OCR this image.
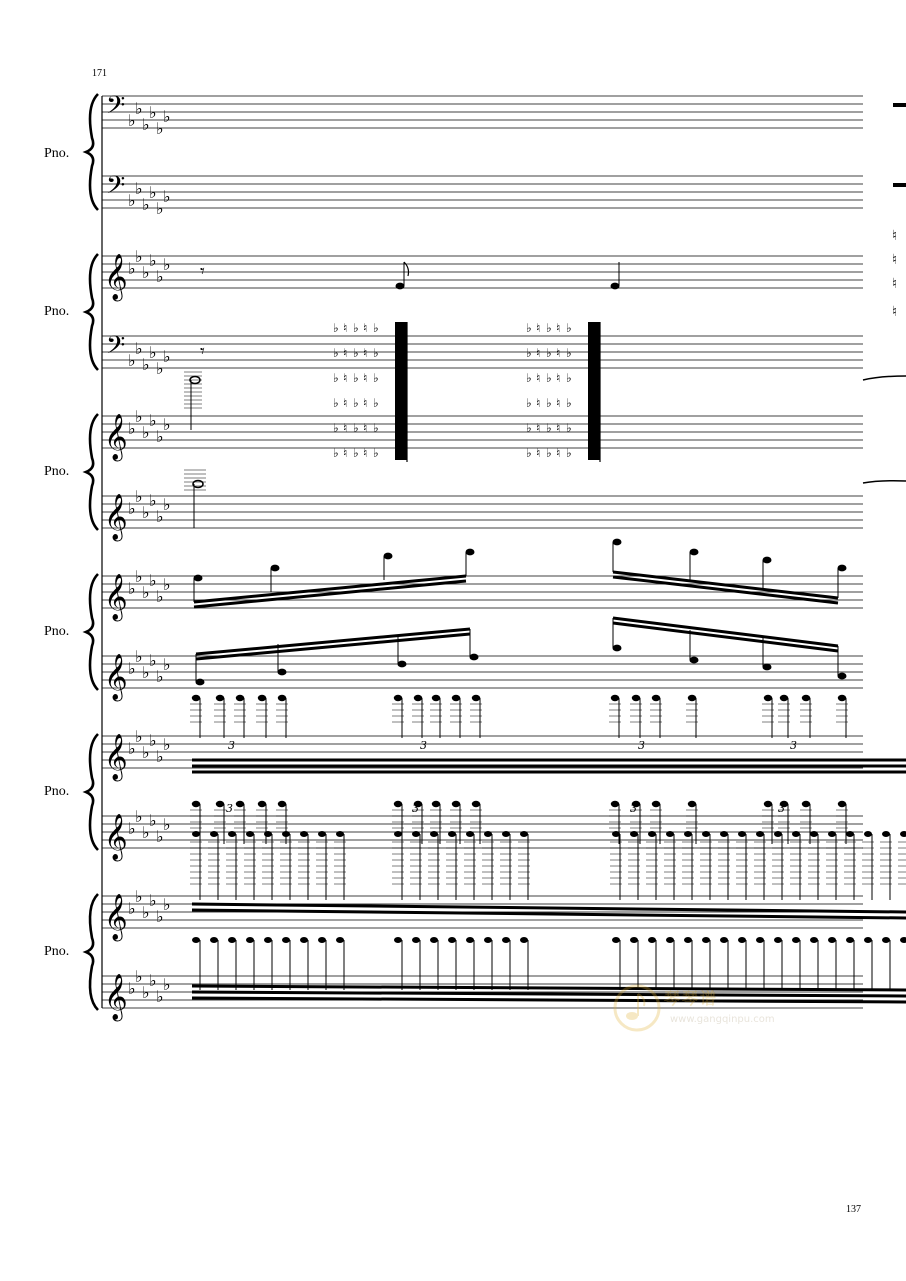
171
137
Pno.
Pno.
Pno.
Pno.
Pno.
Pno.
𝄢 ♭
♭
♭
♭
♭
♭
𝄢 ♭
♭
♭
♭
♭
♭
𝄞 ♭
♭
♭
♭
♭
♭
𝄢 ♭
♭
♭
♭
♭
♭
𝄞 ♭
♭
♭
♭
♭
♭
𝄞 ♭
♭
♭
♭
♭
♭
𝄞 ♭
♭
♭
♭
♭
♭
𝄞 ♭
♭
♭
♭
♭
♭
𝄞 ♭
♭
♭
♭
♭
♭
𝄞 ♭
♭
♭
♭
♭
♭
𝄞 ♭
♭
♭
♭
♭
♭
𝄞 ♭
♭
♭
♭
♭
♭
𝄾
𝄾
♭
♭
♭
♭
♭
♭
♮
♮
♮
♮
♮
♮
♭
♭
♭
♭
♭
♭
♮
♮
♮
♮
♮
♮
♭
♭
♭
♭
♭
♭
♭
♭
♭
♭
♭
♭
♮
♮
♮
♮
♮
♮
♭
♭
♭
♭
♭
♭
♮
♮
♮
♮
♮
♮
♭
♭
♭
♭
♭
♭
♮
♮
♮
♮
3	3	3	3
3	3	3	3
琴琴谱
www.gangqinpu.com
